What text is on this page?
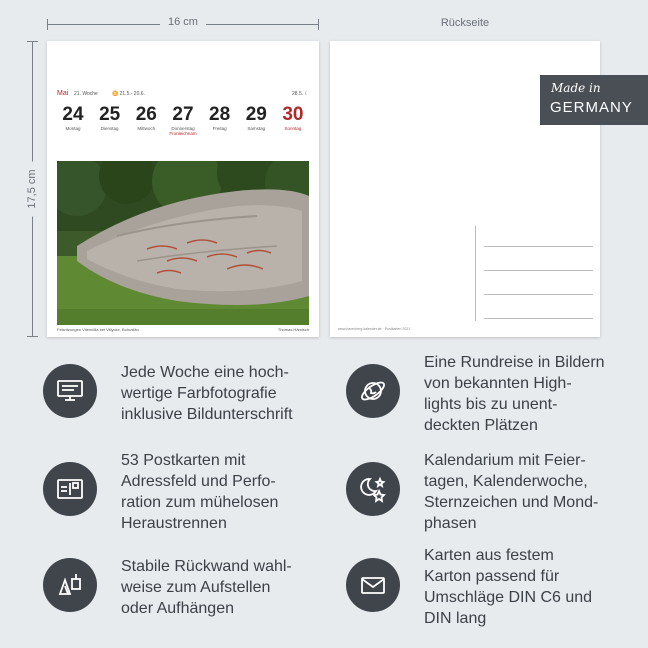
16 cm
17,5 cm
Rückseite
Mai 21. Woche	♊ 21.5.- 20.6.	28.5. ☾
24
Montag
25
Dienstag
26
Mittwoch
27
Donnerstag
Fronleichnam
28
Freitag
29
Samstag
30
Sonntag
Felsritzungen Vitemölla bei Vitlycke, Bohuslän	Thomas Hämisch	www.harenberg-kalender.de · Postkarten 2021
Made in
GERMANY
Jede Woche eine hoch-
wertige Farbfotografie
inklusive Bildunterschrift
Eine Rundreise in Bildern
von bekannten High-
lights bis zu unent-
deckten Plätzen
53 Postkarten mit
Adressfeld und Perfo-
ration zum mühelosen
Heraustrennen
Kalendarium mit Feier-
tagen, Kalenderwoche,
Sternzeichen und Mond-
phasen
Stabile Rückwand wahl-
weise zum Aufstellen
oder Aufhängen
Karten aus festem
Karton passend für
Umschläge DIN C6 und
DIN lang
